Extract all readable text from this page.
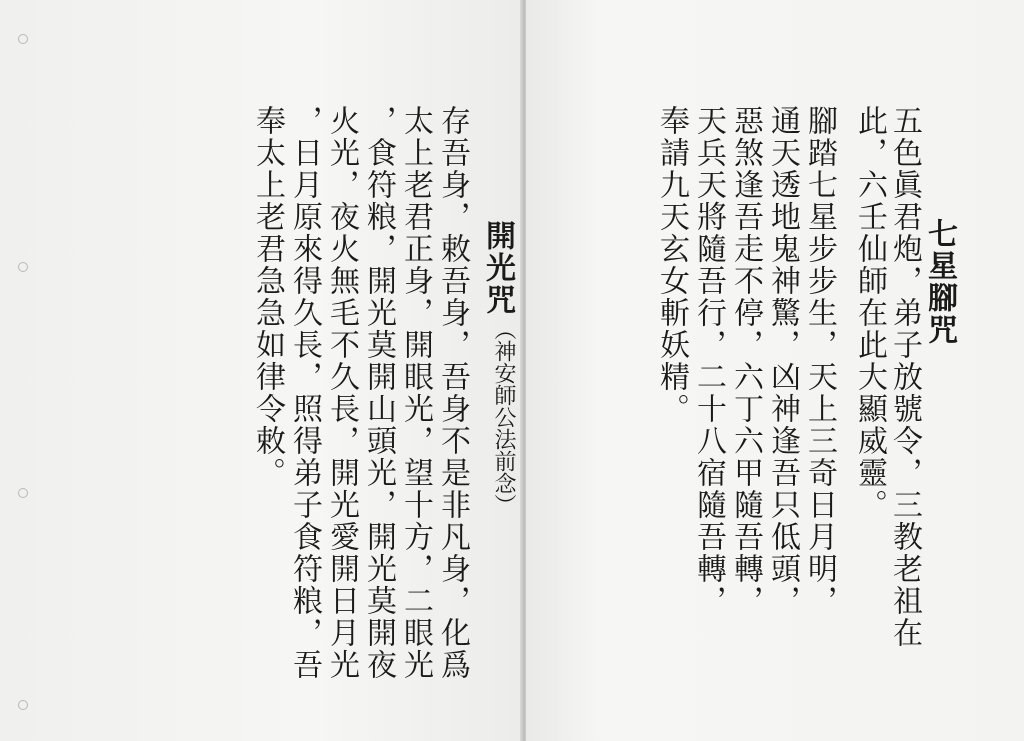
七星腳咒
五色眞君炮，弟子放號令，三教老祖在
此，六壬仙師在此大顯威靈。
腳踏七星步步生，天上三奇日月明，
通天透地鬼神驚，凶神逢吾只低頭，
惡煞逢吾走不停，六丁六甲隨吾轉，
天兵天將隨吾行，二十八宿隨吾轉，
奉請九天玄女斬妖精。
開光咒
（神安師公法前念）
存吾身，敕吾身，吾身不是非凡身，化爲
太上老君正身，開眼光，望十方，二眼光
，食符粮，開光莫開山頭光，開光莫開夜
火光，夜火無毛不久長，開光愛開日月光
，日月原來得久長，照得弟子食符粮，吾
奉太上老君急急如律令敕。
